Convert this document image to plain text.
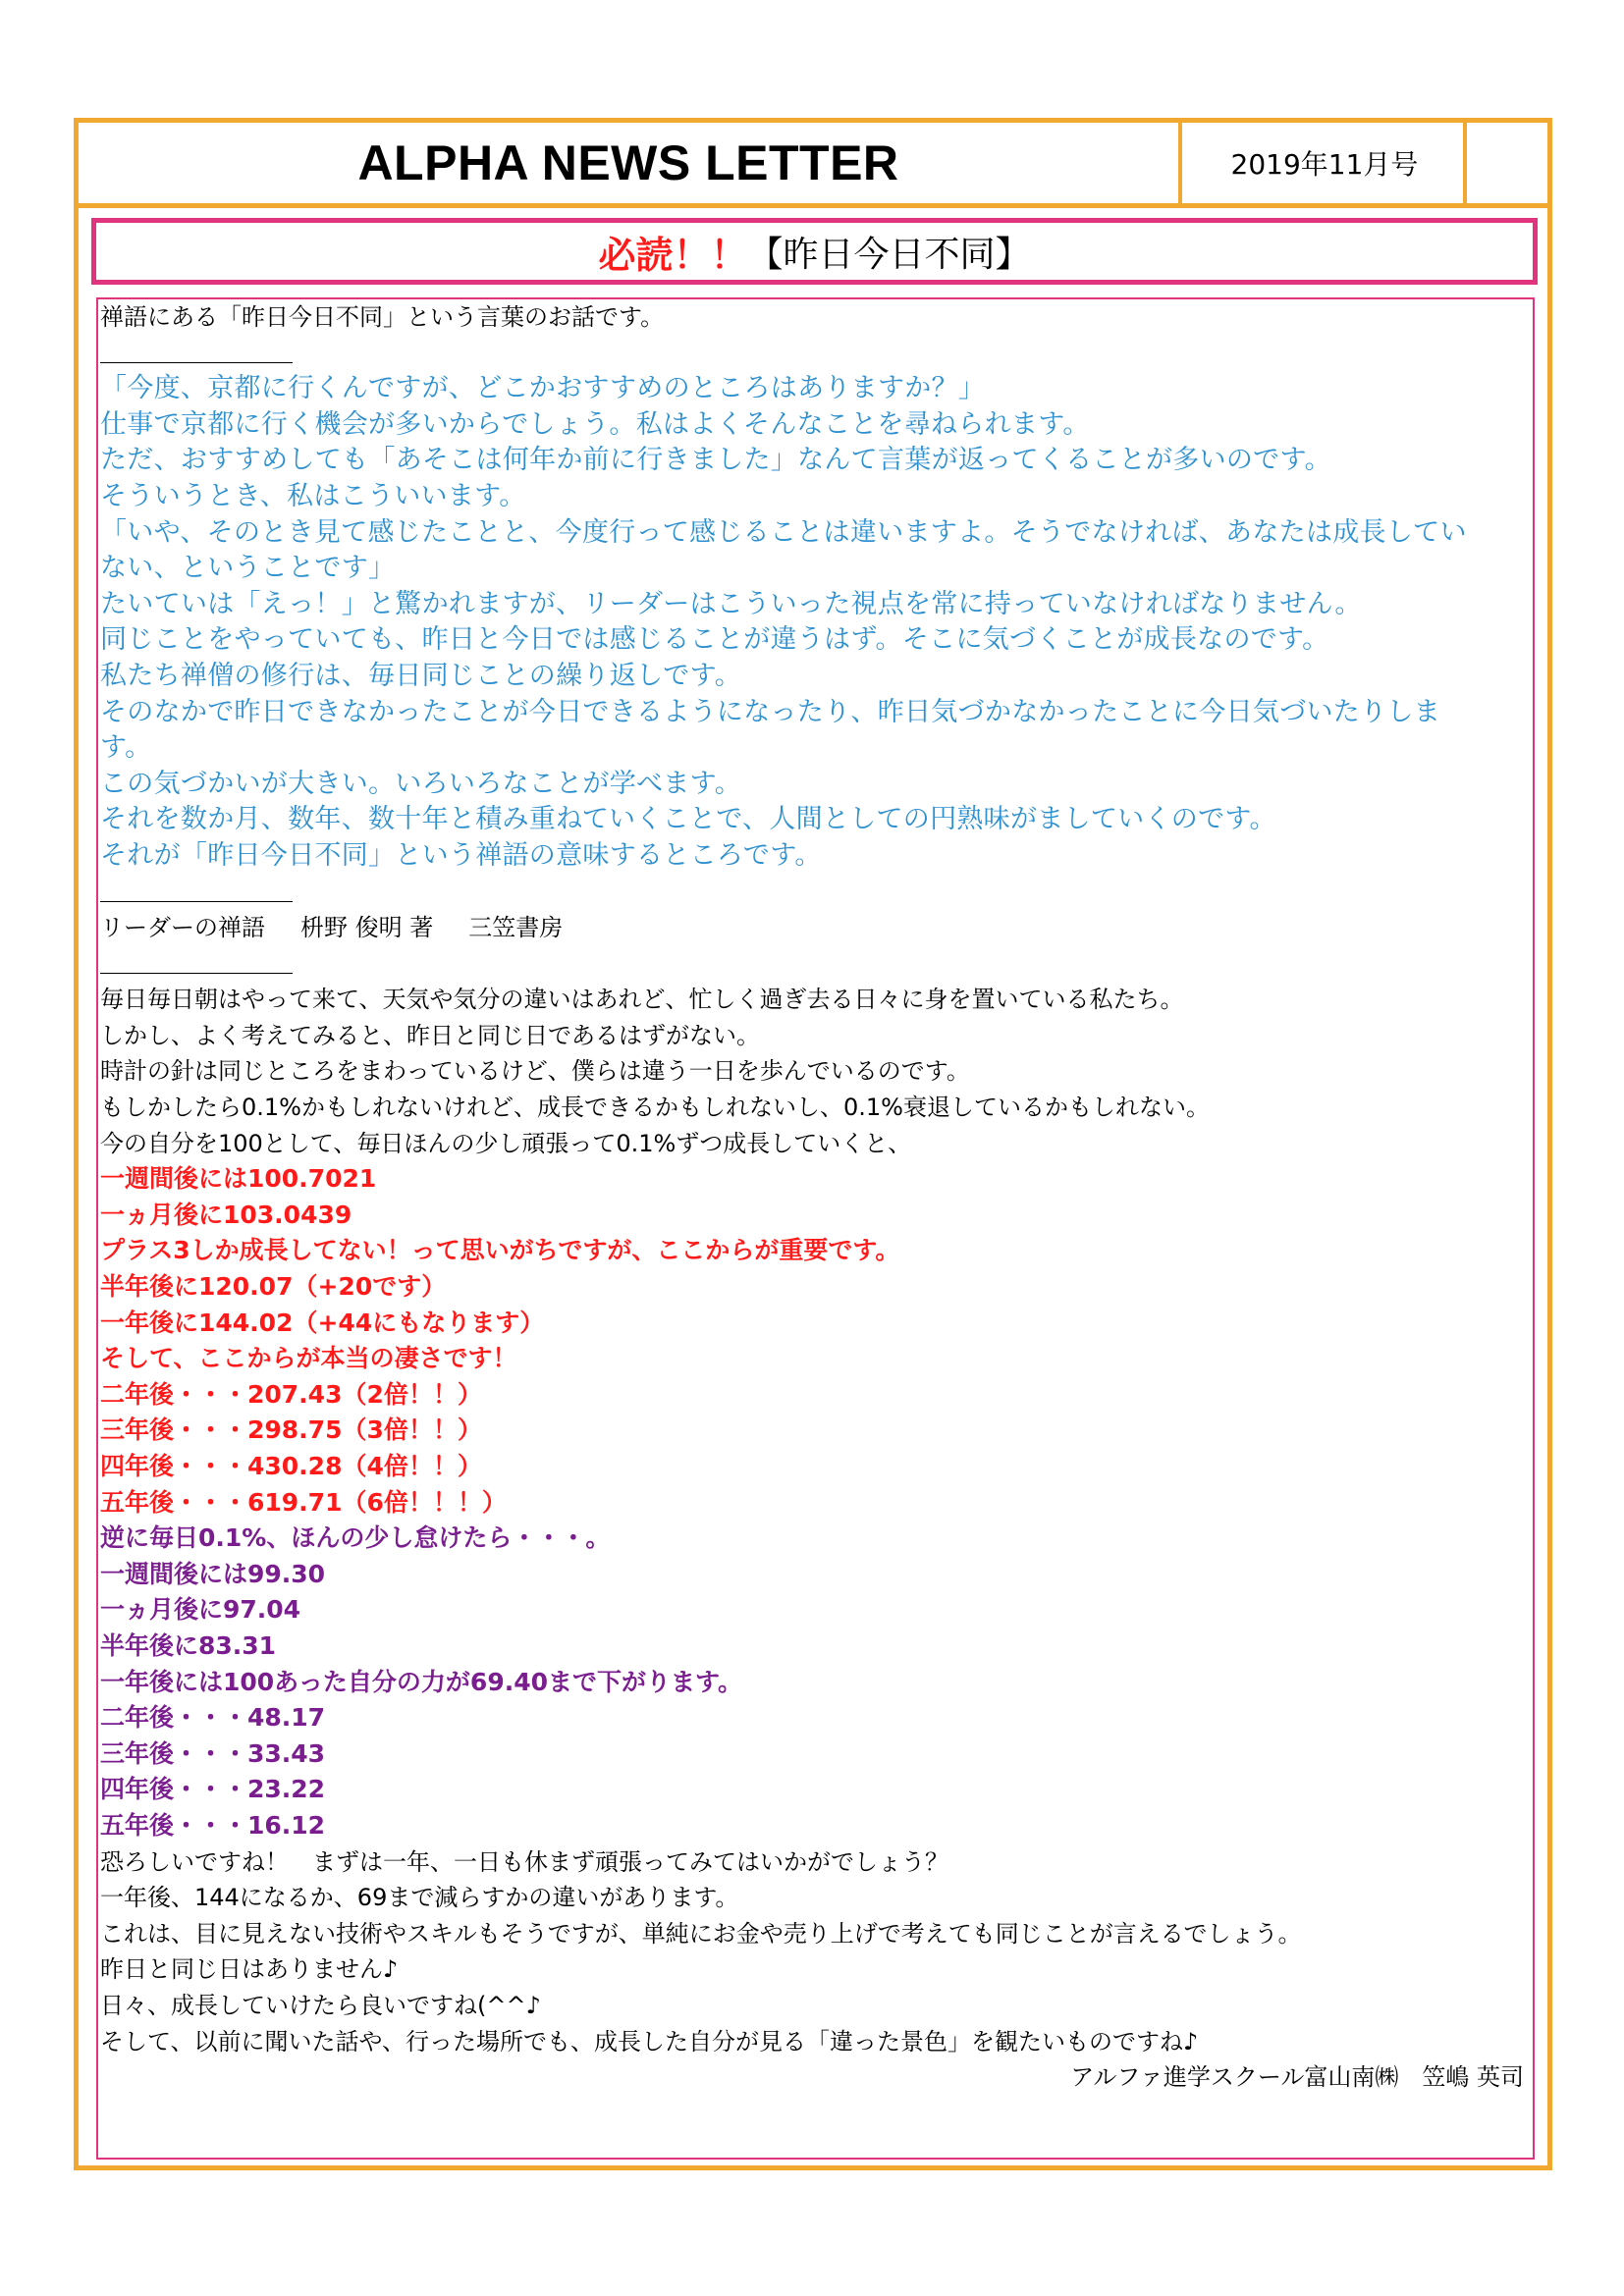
ALPHA NEWS LETTER	2019年11月号
必読！！ 【昨日今日不同】
禅語にある「昨日今日不同」という言葉のお話です。
「今度、京都に行くんですが、どこかおすすめのところはありますか？」
仕事で京都に行く機会が多いからでしょう。私はよくそんなことを尋ねられます。
ただ、おすすめしても「あそこは何年か前に行きました」なんて言葉が返ってくることが多いのです。
そういうとき、私はこういいます。
「いや、そのとき見て感じたことと、今度行って感じることは違いますよ。そうでなければ、あなたは成長してい
ない、ということです」
たいていは「えっ！」と驚かれますが、リーダーはこういった視点を常に持っていなければなりません。
同じことをやっていても、昨日と今日では感じることが違うはず。そこに気づくことが成長なのです。
私たち禅僧の修行は、毎日同じことの繰り返しです。
そのなかで昨日できなかったことが今日できるようになったり、昨日気づかなかったことに今日気づいたりしま
す。
この気づかいが大きい。いろいろなことが学べます。
それを数か月、数年、数十年と積み重ねていくことで、人間としての円熟味がましていくのです。
それが「昨日今日不同」という禅語の意味するところです。
リーダーの禅語 枡野 俊明 著 三笠書房
毎日毎日朝はやって来て、天気や気分の違いはあれど、忙しく過ぎ去る日々に身を置いている私たち。
しかし、よく考えてみると、昨日と同じ日であるはずがない。
時計の針は同じところをまわっているけど、僕らは違う一日を歩んでいるのです。
もしかしたら0.1%かもしれないけれど、成長できるかもしれないし、0.1%衰退しているかもしれない。
今の自分を100として、毎日ほんの少し頑張って0.1%ずつ成長していくと、
一週間後には100.7021
一ヵ月後に103.0439
プラス3しか成長してない！って思いがちですが、ここからが重要です。
半年後に120.07（+20です）
一年後に144.02（+44にもなります）
そして、ここからが本当の凄さです！
二年後・・・207.43（2倍！！）
三年後・・・298.75（3倍！！）
四年後・・・430.28（4倍！！）
五年後・・・619.71（6倍！！！）
逆に毎日0.1%、ほんの少し怠けたら・・・。
一週間後には99.30
一ヵ月後に97.04
半年後に83.31
一年後には100あった自分の力が69.40まで下がります。
二年後・・・48.17
三年後・・・33.43
四年後・・・23.22
五年後・・・16.12
恐ろしいですね！　まずは一年、一日も休まず頑張ってみてはいかがでしょう？
一年後、144になるか、69まで減らすかの違いがあります。
これは、目に見えない技術やスキルもそうですが、単純にお金や売り上げで考えても同じことが言えるでしょう。
昨日と同じ日はありません♪
日々、成長していけたら良いですね(^^♪
そして、以前に聞いた話や、行った場所でも、成長した自分が見る「違った景色」を観たいものですね♪
アルファ進学スクール富山南㈱　笠嶋 英司
